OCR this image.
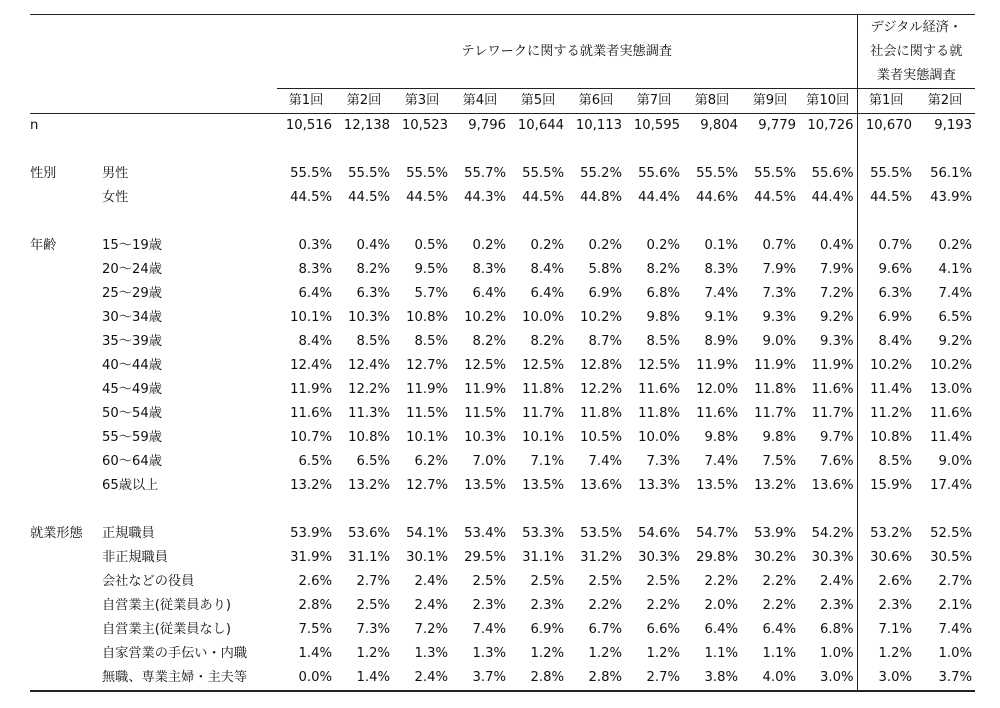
		テレワークに関する就業者実態調査										デジタル経済・
社会に関する就
業者実態調査	

		第1回	第2回	第3回	第4回	第5回	第6回	第7回	第8回	第9回	第10回	第1回	第2回
n		10,516	12,138	10,523	9,796	10,644	10,113	10,595	9,804	9,779	10,726	10,670	9,193

性別	男性	55.5%	55.5%	55.5%	55.7%	55.5%	55.2%	55.6%	55.5%	55.5%	55.6%	55.5%	56.1%
	女性	44.5%	44.5%	44.5%	44.3%	44.5%	44.8%	44.4%	44.6%	44.5%	44.4%	44.5%	43.9%

年齢	15～19歳	0.3%	0.4%	0.5%	0.2%	0.2%	0.2%	0.2%	0.1%	0.7%	0.4%	0.7%	0.2%
	20～24歳	8.3%	8.2%	9.5%	8.3%	8.4%	5.8%	8.2%	8.3%	7.9%	7.9%	9.6%	4.1%
	25～29歳	6.4%	6.3%	5.7%	6.4%	6.4%	6.9%	6.8%	7.4%	7.3%	7.2%	6.3%	7.4%
	30～34歳	10.1%	10.3%	10.8%	10.2%	10.0%	10.2%	9.8%	9.1%	9.3%	9.2%	6.9%	6.5%
	35～39歳	8.4%	8.5%	8.5%	8.2%	8.2%	8.7%	8.5%	8.9%	9.0%	9.3%	8.4%	9.2%
	40～44歳	12.4%	12.4%	12.7%	12.5%	12.5%	12.8%	12.5%	11.9%	11.9%	11.9%	10.2%	10.2%
	45～49歳	11.9%	12.2%	11.9%	11.9%	11.8%	12.2%	11.6%	12.0%	11.8%	11.6%	11.4%	13.0%
	50～54歳	11.6%	11.3%	11.5%	11.5%	11.7%	11.8%	11.8%	11.6%	11.7%	11.7%	11.2%	11.6%
	55～59歳	10.7%	10.8%	10.1%	10.3%	10.1%	10.5%	10.0%	9.8%	9.8%	9.7%	10.8%	11.4%
	60～64歳	6.5%	6.5%	6.2%	7.0%	7.1%	7.4%	7.3%	7.4%	7.5%	7.6%	8.5%	9.0%
	65歳以上	13.2%	13.2%	12.7%	13.5%	13.5%	13.6%	13.3%	13.5%	13.2%	13.6%	15.9%	17.4%

就業形態	正規職員	53.9%	53.6%	54.1%	53.4%	53.3%	53.5%	54.6%	54.7%	53.9%	54.2%	53.2%	52.5%
	非正規職員	31.9%	31.1%	30.1%	29.5%	31.1%	31.2%	30.3%	29.8%	30.2%	30.3%	30.6%	30.5%
	会社などの役員	2.6%	2.7%	2.4%	2.5%	2.5%	2.5%	2.5%	2.2%	2.2%	2.4%	2.6%	2.7%
	自営業主(従業員あり)	2.8%	2.5%	2.4%	2.3%	2.3%	2.2%	2.2%	2.0%	2.2%	2.3%	2.3%	2.1%
	自営業主(従業員なし)	7.5%	7.3%	7.2%	7.4%	6.9%	6.7%	6.6%	6.4%	6.4%	6.8%	7.1%	7.4%
	自家営業の手伝い・内職	1.4%	1.2%	1.3%	1.3%	1.2%	1.2%	1.2%	1.1%	1.1%	1.0%	1.2%	1.0%
	無職、専業主婦・主夫等	0.0%	1.4%	2.4%	3.7%	2.8%	2.8%	2.7%	3.8%	4.0%	3.0%	3.0%	3.7%
